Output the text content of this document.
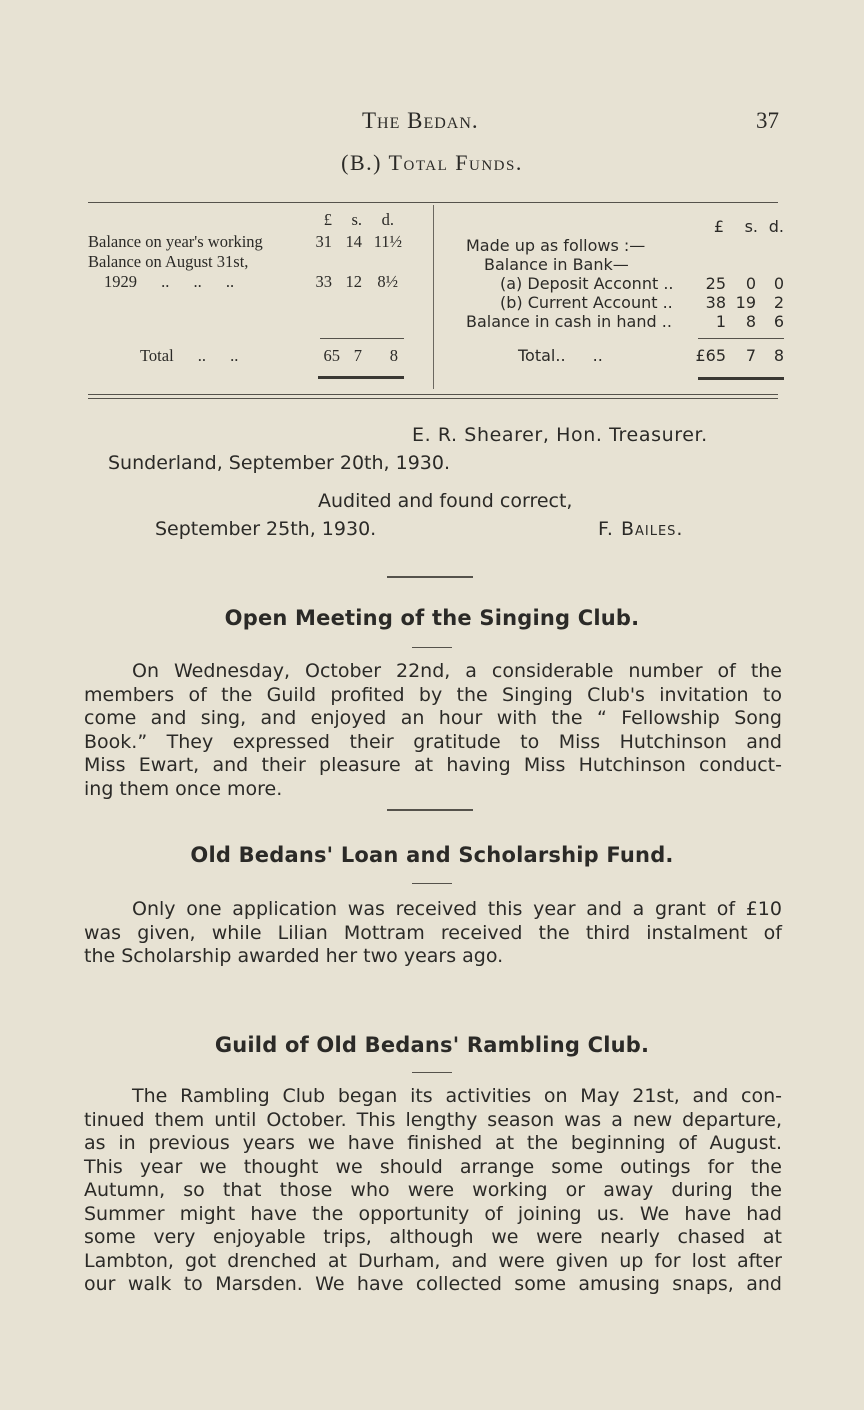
The Bedan.	37
(B.) Total Funds.
£	s.	d.
Balance on year's working	31 14 11½
Balance on August 31st,
1929 .. .. ..	33 12 8½
Total .. ..	65 7	8
£	s. d.
Made up as follows :—
Balance in Bank—
(a) Deposit Acconnt ..	25	0	0
(b) Current Account ..	38 19	2
Balance in cash in hand ..	1	8	6
Total.. ..	£65	7	8
E. R. Shearer, Hon. Treasurer.
Sunderland, September 20th, 1930.
Audited and found correct,
September 25th, 1930.	F. Bailes.
Open Meeting of the Singing Club.
On Wednesday, October 22nd, a considerable number of the
members of the Guild profited by the Singing Club's invitation to
come and sing, and enjoyed an hour with the “ Fellowship Song
Book.” They expressed their gratitude to Miss Hutchinson and
Miss Ewart, and their pleasure at having Miss Hutchinson conduct-
ing them once more.
Old Bedans' Loan and Scholarship Fund.
Only one application was received this year and a grant of £10
was given, while Lilian Mottram received the third instalment of
the Scholarship awarded her two years ago.
Guild of Old Bedans' Rambling Club.
The Rambling Club began its activities on May 21st, and con-
tinued them until October. This lengthy season was a new departure,
as in previous years we have finished at the beginning of August.
This year we thought we should arrange some outings for the
Autumn, so that those who were working or away during the
Summer might have the opportunity of joining us. We have had
some very enjoyable trips, although we were nearly chased at
Lambton, got drenched at Durham, and were given up for lost after
our walk to Marsden. We have collected some amusing snaps, and
